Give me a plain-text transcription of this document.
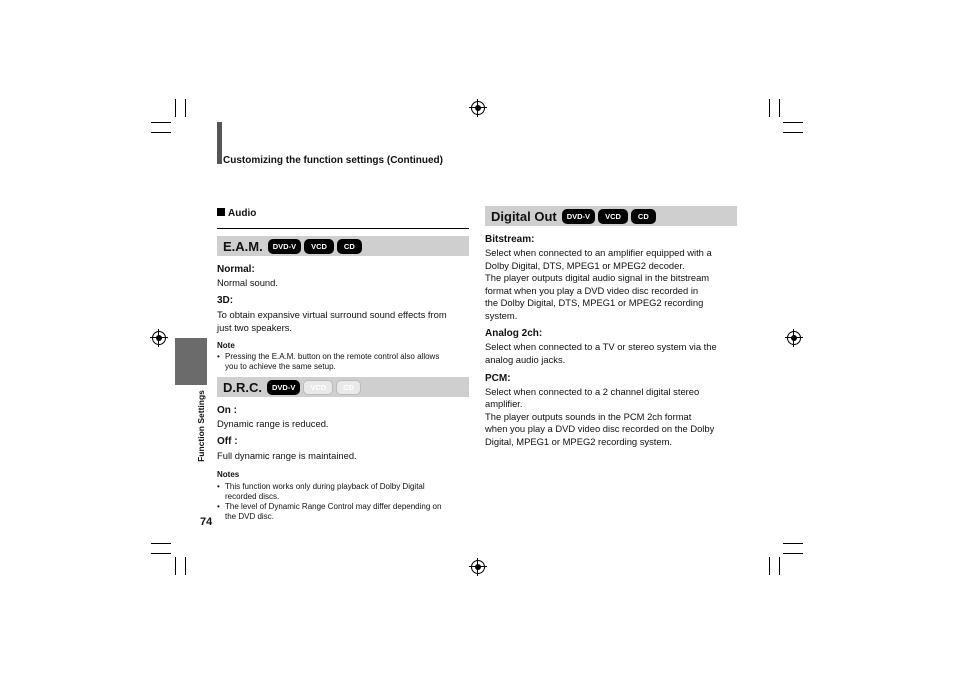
Customizing the function settings (Continued)
Function Settings
74
Audio
E.A.M.	DVD-V	VCD	CD
Normal:
Normal sound.
3D:
To obtain expansive virtual surround sound effects from
just two speakers.
Note
• Pressing the E.A.M. button on the remote control also allows
you to achieve the same setup.
D.R.C.	DVD-V	VCD	CD
On :
Dynamic range is reduced.
Off :
Full dynamic range is maintained.
Notes
• This function works only during playback of Dolby Digital
recorded discs.
• The level of Dynamic Range Control may differ depending on
the DVD disc.
Digital Out	DVD-V	VCD	CD
Bitstream:
Select when connected to an amplifier equipped with a
Dolby Digital, DTS, MPEG1 or MPEG2 decoder.
The player outputs digital audio signal in the bitstream
format when you play a DVD video disc recorded in
the Dolby Digital, DTS, MPEG1 or MPEG2 recording
system.
Analog 2ch:
Select when connected to a TV or stereo system via the
analog audio jacks.
PCM:
Select when connected to a 2 channel digital stereo
amplifier.
The player outputs sounds in the PCM 2ch format
when you play a DVD video disc recorded on the Dolby
Digital, MPEG1 or MPEG2 recording system.
